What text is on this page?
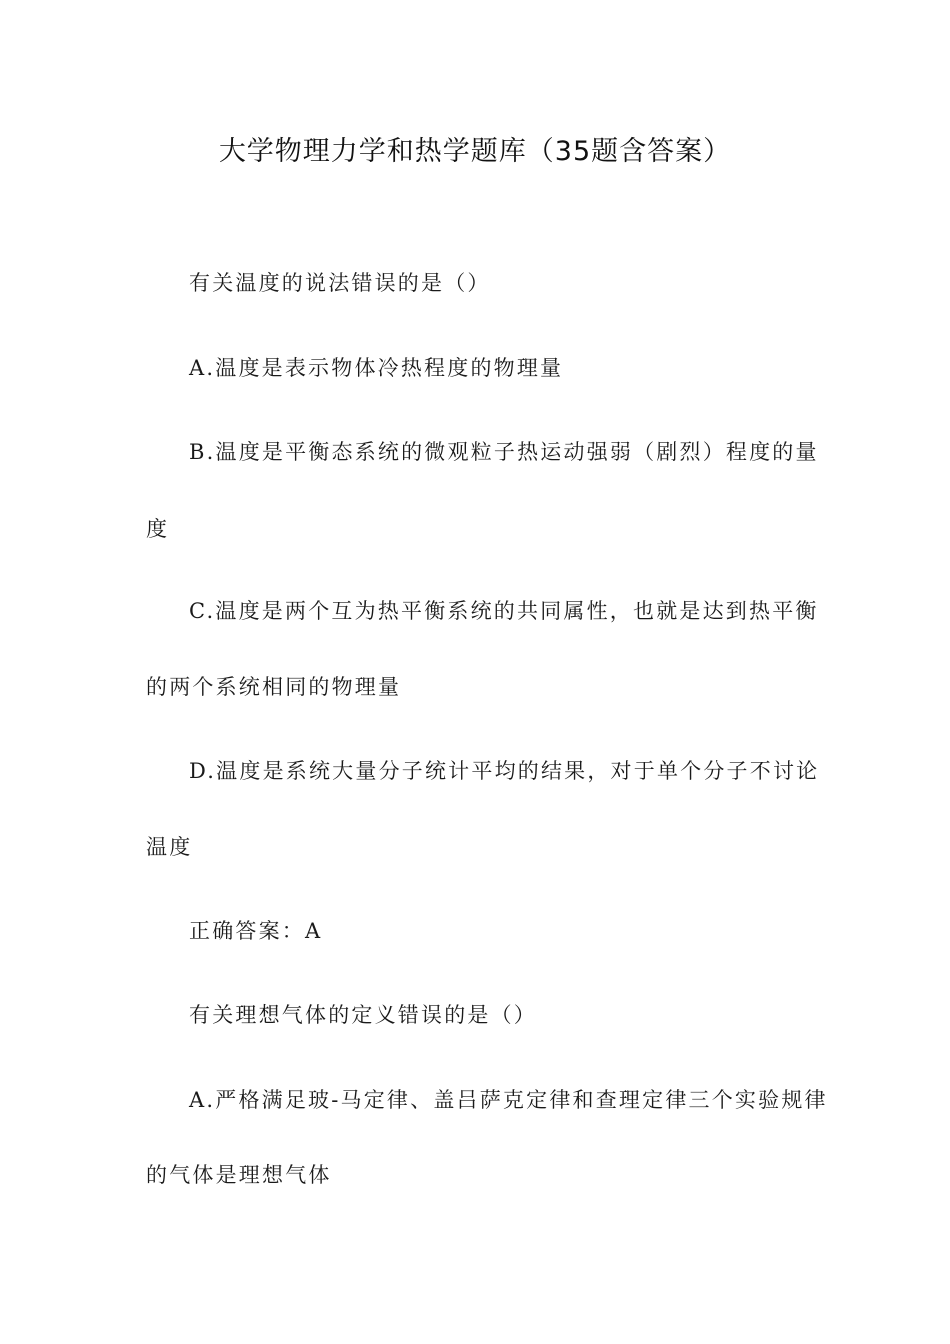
大学物理力学和热学题库（35题含答案）
有关温度的说法错误的是（）
A.温度是表示物体冷热程度的物理量
B.温度是平衡态系统的微观粒子热运动强弱（剧烈）程度的量
度
C.温度是两个互为热平衡系统的共同属性，也就是达到热平衡
的两个系统相同的物理量
D.温度是系统大量分子统计平均的结果，对于单个分子不讨论
温度
正确答案：A
有关理想气体的定义错误的是（）
A.严格满足玻-马定律、盖吕萨克定律和查理定律三个实验规律
的气体是理想气体
